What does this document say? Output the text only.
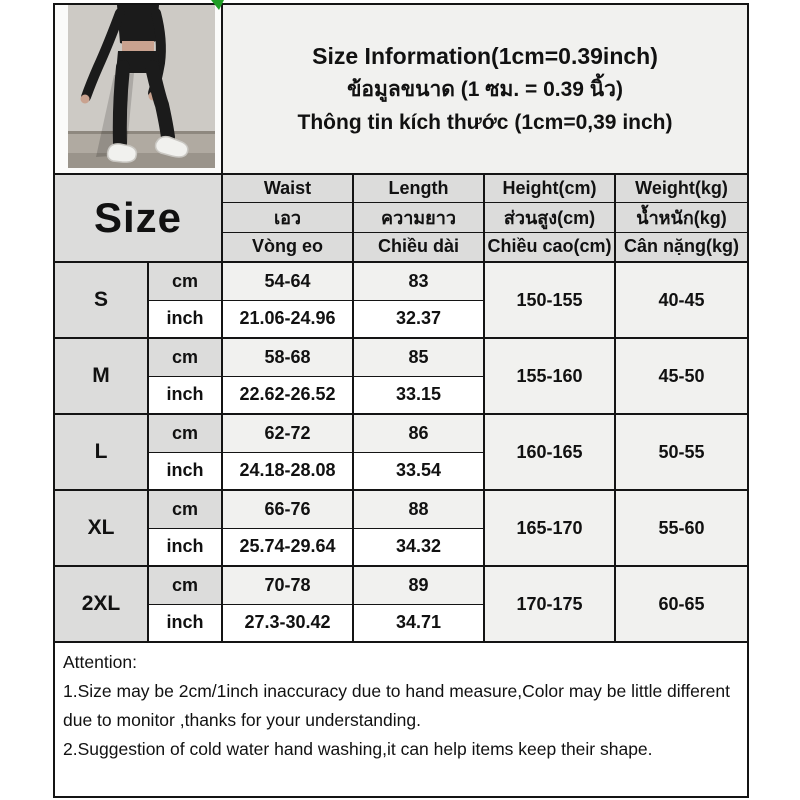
Size Information(1cm=0.39inch)
ข้อมูลขนาด (1 ซม. = 0.39 นิ้ว)
Thông tin kích thước (1cm=0,39 inch)			

Size		Waist	Length	Height(cm)	Weight(kg)
		เอว	ความยาว	ส่วนสูง(cm)	น้ำหนัก(kg)
		Vòng eo	Chiều dài	Chiều cao(cm)	Cân nặng(kg)
S	cm	54-64	83	150-155	40-45
	inch	21.06-24.96	32.37		
M	cm	58-68	85	155-160	45-50
	inch	22.62-26.52	33.15		
L	cm	62-72	86	160-165	50-55
	inch	24.18-28.08	33.54		
XL	cm	66-76	88	165-170	55-60
	inch	25.74-29.64	34.32		
2XL	cm	70-78	89	170-175	60-65
	inch	27.3-30.42	34.71		

Attention:
1.Size may be 2cm/1inch inaccuracy due to hand measure,Color may be little different due to monitor ,thanks for your understanding.
2.Suggestion of cold water hand washing,it can help items keep their shape.					
